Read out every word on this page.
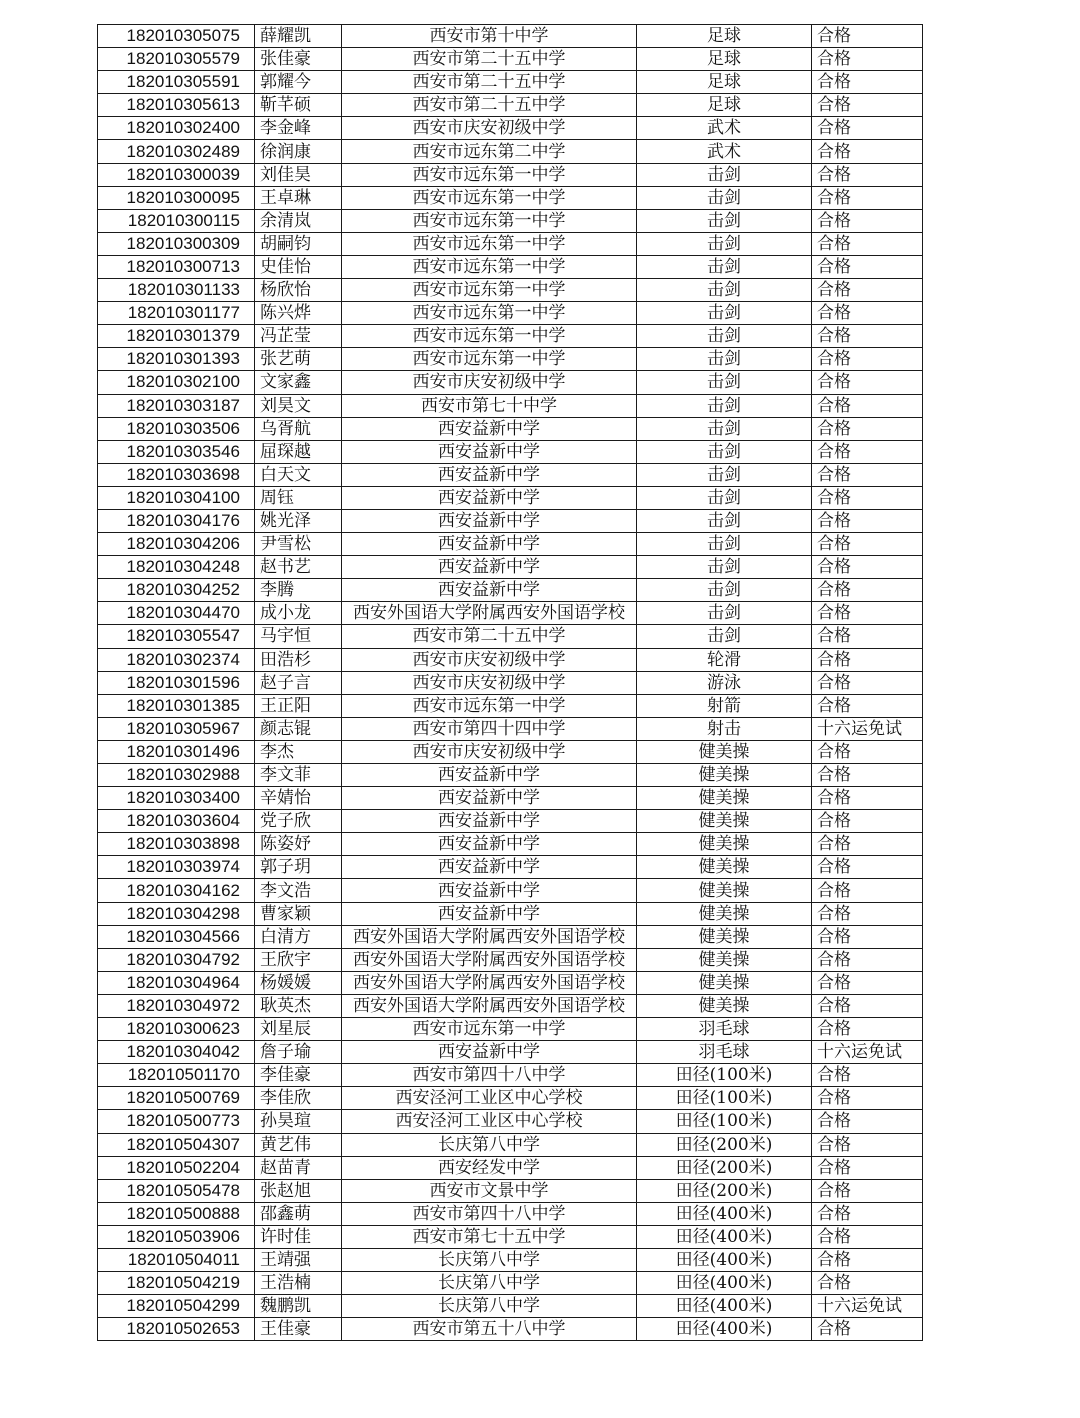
182010305075	薛耀凯	西安市第十中学	足球	合格
182010305579	张佳豪	西安市第二十五中学	足球	合格
182010305591	郭耀今	西安市第二十五中学	足球	合格
182010305613	靳芊硕	西安市第二十五中学	足球	合格
182010302400	李金峰	西安市庆安初级中学	武术	合格
182010302489	徐润康	西安市远东第二中学	武术	合格
182010300039	刘佳昊	西安市远东第一中学	击剑	合格
182010300095	王卓琳	西安市远东第一中学	击剑	合格
182010300115	余清岚	西安市远东第一中学	击剑	合格
182010300309	胡嗣钧	西安市远东第一中学	击剑	合格
182010300713	史佳怡	西安市远东第一中学	击剑	合格
182010301133	杨欣怡	西安市远东第一中学	击剑	合格
182010301177	陈兴烨	西安市远东第一中学	击剑	合格
182010301379	冯芷莹	西安市远东第一中学	击剑	合格
182010301393	张艺萌	西安市远东第一中学	击剑	合格
182010302100	文家鑫	西安市庆安初级中学	击剑	合格
182010303187	刘昊文	西安市第七十中学	击剑	合格
182010303506	乌胥航	西安益新中学	击剑	合格
182010303546	屈琛越	西安益新中学	击剑	合格
182010303698	白天文	西安益新中学	击剑	合格
182010304100	周钰	西安益新中学	击剑	合格
182010304176	姚光泽	西安益新中学	击剑	合格
182010304206	尹雪松	西安益新中学	击剑	合格
182010304248	赵书艺	西安益新中学	击剑	合格
182010304252	李腾	西安益新中学	击剑	合格
182010304470	成小龙	西安外国语大学附属西安外国语学校	击剑	合格
182010305547	马宇恒	西安市第二十五中学	击剑	合格
182010302374	田浩杉	西安市庆安初级中学	轮滑	合格
182010301596	赵子言	西安市庆安初级中学	游泳	合格
182010301385	王正阳	西安市远东第一中学	射箭	合格
182010305967	颜志锟	西安市第四十四中学	射击	十六运免试
182010301496	李杰	西安市庆安初级中学	健美操	合格
182010302988	李文菲	西安益新中学	健美操	合格
182010303400	辛婧怡	西安益新中学	健美操	合格
182010303604	党子欣	西安益新中学	健美操	合格
182010303898	陈姿妤	西安益新中学	健美操	合格
182010303974	郭子玥	西安益新中学	健美操	合格
182010304162	李文浩	西安益新中学	健美操	合格
182010304298	曹家颖	西安益新中学	健美操	合格
182010304566	白清方	西安外国语大学附属西安外国语学校	健美操	合格
182010304792	王欣宇	西安外国语大学附属西安外国语学校	健美操	合格
182010304964	杨媛媛	西安外国语大学附属西安外国语学校	健美操	合格
182010304972	耿英杰	西安外国语大学附属西安外国语学校	健美操	合格
182010300623	刘星辰	西安市远东第一中学	羽毛球	合格
182010304042	詹子瑜	西安益新中学	羽毛球	十六运免试
182010501170	李佳豪	西安市第四十八中学	田径(100米)	合格
182010500769	李佳欣	西安泾河工业区中心学校	田径(100米)	合格
182010500773	孙昊瑄	西安泾河工业区中心学校	田径(100米)	合格
182010504307	黄艺伟	长庆第八中学	田径(200米)	合格
182010502204	赵苗青	西安经发中学	田径(200米)	合格
182010505478	张赵旭	西安市文景中学	田径(200米)	合格
182010500888	邵鑫萌	西安市第四十八中学	田径(400米)	合格
182010503906	许时佳	西安市第七十五中学	田径(400米)	合格
182010504011	王靖强	长庆第八中学	田径(400米)	合格
182010504219	王浩楠	长庆第八中学	田径(400米)	合格
182010504299	魏鹏凯	长庆第八中学	田径(400米)	十六运免试
182010502653	王佳豪	西安市第五十八中学	田径(400米)	合格
